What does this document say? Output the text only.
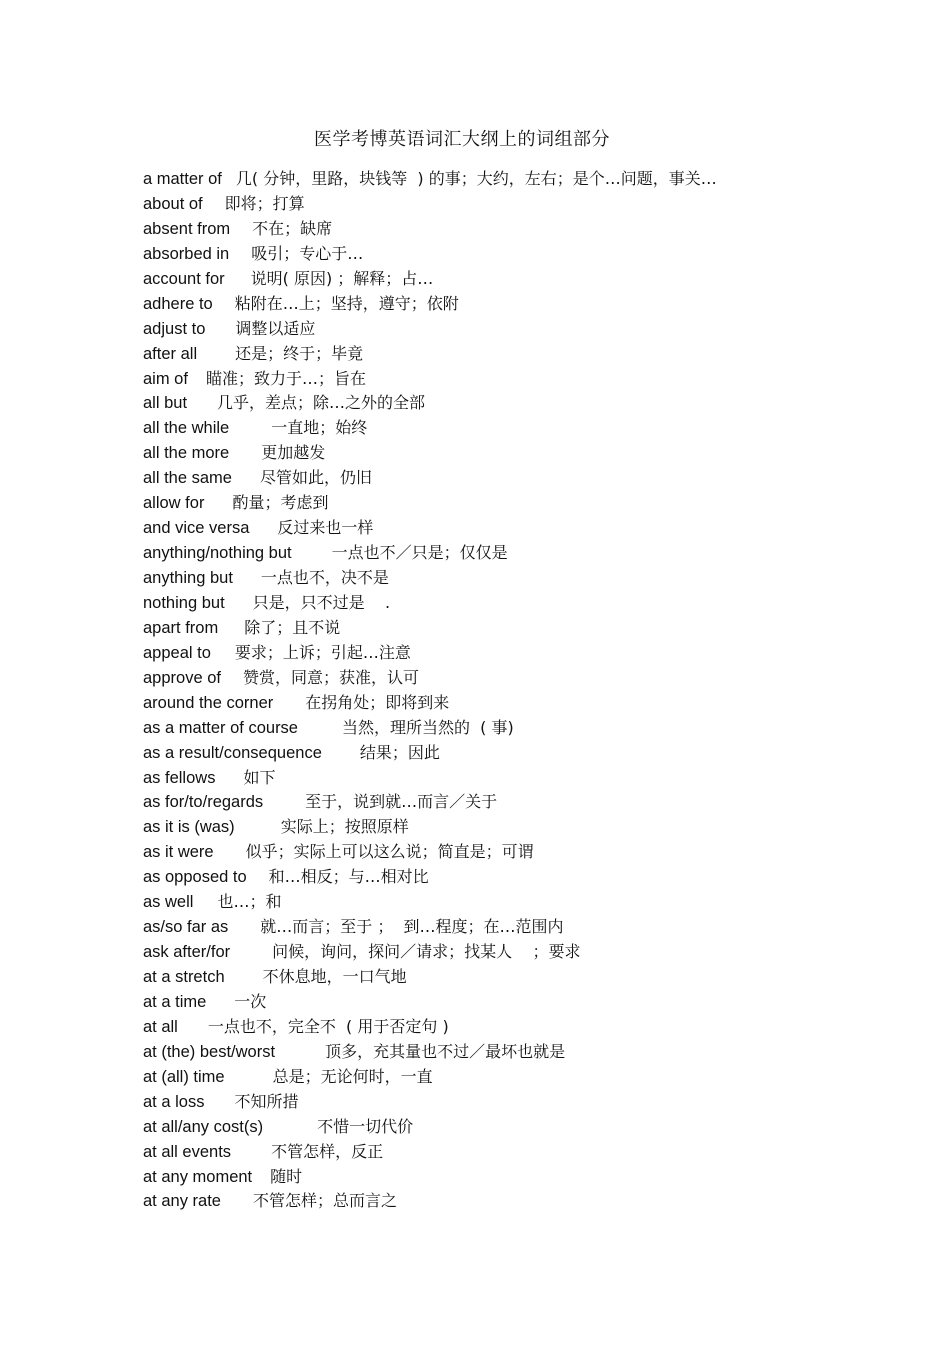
医学考博英语词汇大纲上的词组部分
a matter of 几( 分钟，里路，块钱等  ) 的事；大约，左右；是个…问题，事关…
about of 即将；打算
absent from 不在；缺席
absorbed in 吸引；专心于…
account for 说明( 原因) ；解释；占…
adhere to 粘附在…上；坚持，遵守；依附
adjust to 调整以适应
after all 还是；终于；毕竟
aim of 瞄准；致力于…；旨在
all but 几乎，差点；除…之外的全部
all the while	一直地；始终
all the more 更加越发
all the same 尽管如此，仍旧
allow for 酌量；考虑到
and vice versa 反过来也一样
anything/nothing but	一点也不／只是；仅仅是
anything but 一点也不，决不是
nothing but 只是，只不过是    .
apart from 除了；且不说
appeal to 要求；上诉；引起…注意
approve of 赞赏，同意；获准，认可
around the corner 在拐角处；即将到来
as a matter of course	当然，理所当然的  ( 事)
as a result/consequence 结果；因此
as fellows 如下
as for/to/regards	至于，说到就…而言／关于
as it is (was)	实际上；按照原样
as it were 似乎；实际上可以这么说；简直是；可谓
as opposed to 和…相反；与…相对比
as well 也…；和
as/so far as 就…而言；至于 ；  到…程度；在…范围内
ask after/for	问候，询问，探问／请求；找某人    ；要求
at a stretch 不休息地，一口气地
at a time 一次
at all 一点也不，完全不  ( 用于否定句 )
at (the) best/worst	顶多，充其量也不过／最坏也就是
at (all) time	总是；无论何时，一直
at a loss 不知所措
at all/any cost(s)	不惜一切代价
at all events	不管怎样，反正
at any moment 随时
at any rate 不管怎样；总而言之
